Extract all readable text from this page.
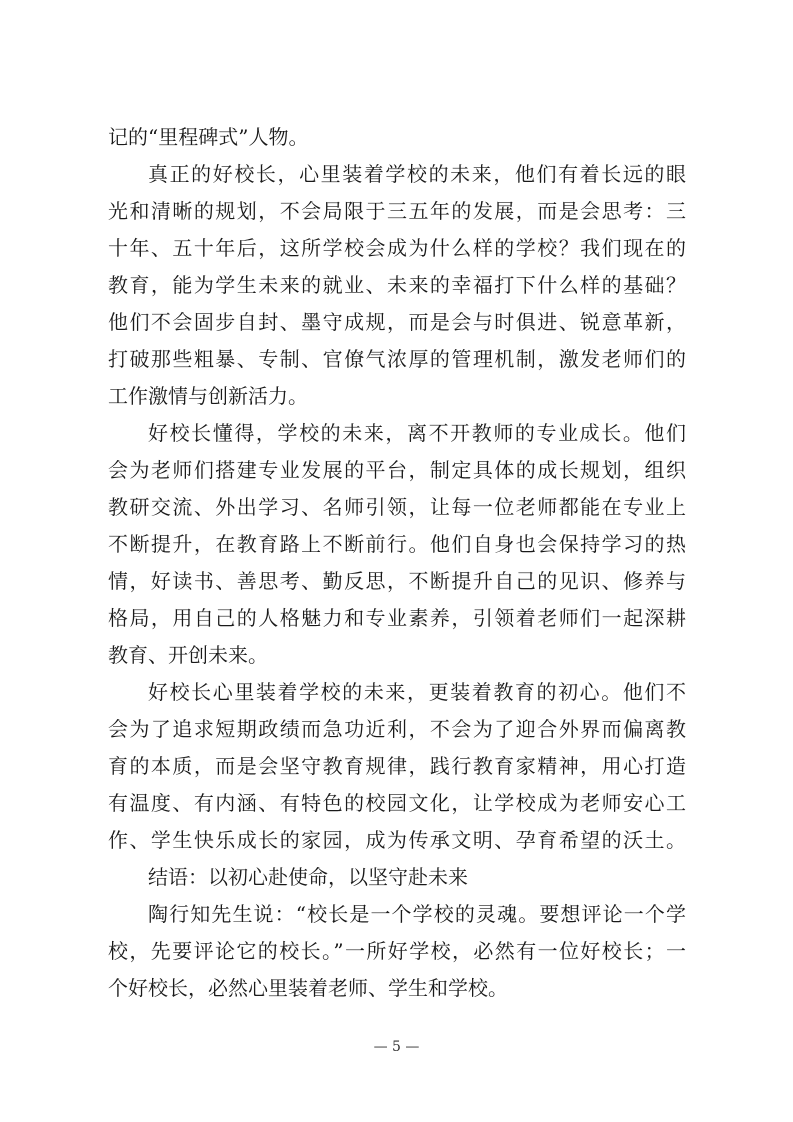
记的“里程碑式”人物。
真正的好校长，心里装着学校的未来，他们有着长远的眼
光和清晰的规划，不会局限于三五年的发展，而是会思考：三
十年、五十年后，这所学校会成为什么样的学校？我们现在的
教育，能为学生未来的就业、未来的幸福打下什么样的基础？
他们不会固步自封、墨守成规，而是会与时俱进、锐意革新，
打破那些粗暴、专制、官僚气浓厚的管理机制，激发老师们的
工作激情与创新活力。
好校长懂得，学校的未来，离不开教师的专业成长。他们
会为老师们搭建专业发展的平台，制定具体的成长规划，组织
教研交流、外出学习、名师引领，让每一位老师都能在专业上
不断提升，在教育路上不断前行。他们自身也会保持学习的热
情，好读书、善思考、勤反思，不断提升自己的见识、修养与
格局，用自己的人格魅力和专业素养，引领着老师们一起深耕
教育、开创未来。
好校长心里装着学校的未来，更装着教育的初心。他们不
会为了追求短期政绩而急功近利，不会为了迎合外界而偏离教
育的本质，而是会坚守教育规律，践行教育家精神，用心打造
有温度、有内涵、有特色的校园文化，让学校成为老师安心工
作、学生快乐成长的家园，成为传承文明、孕育希望的沃土。
结语：以初心赴使命，以坚守赴未来
陶行知先生说：“校长是一个学校的灵魂。要想评论一个学
校，先要评论它的校长。”一所好学校，必然有一位好校长；一
个好校长，必然心里装着老师、学生和学校。
— 5 —
